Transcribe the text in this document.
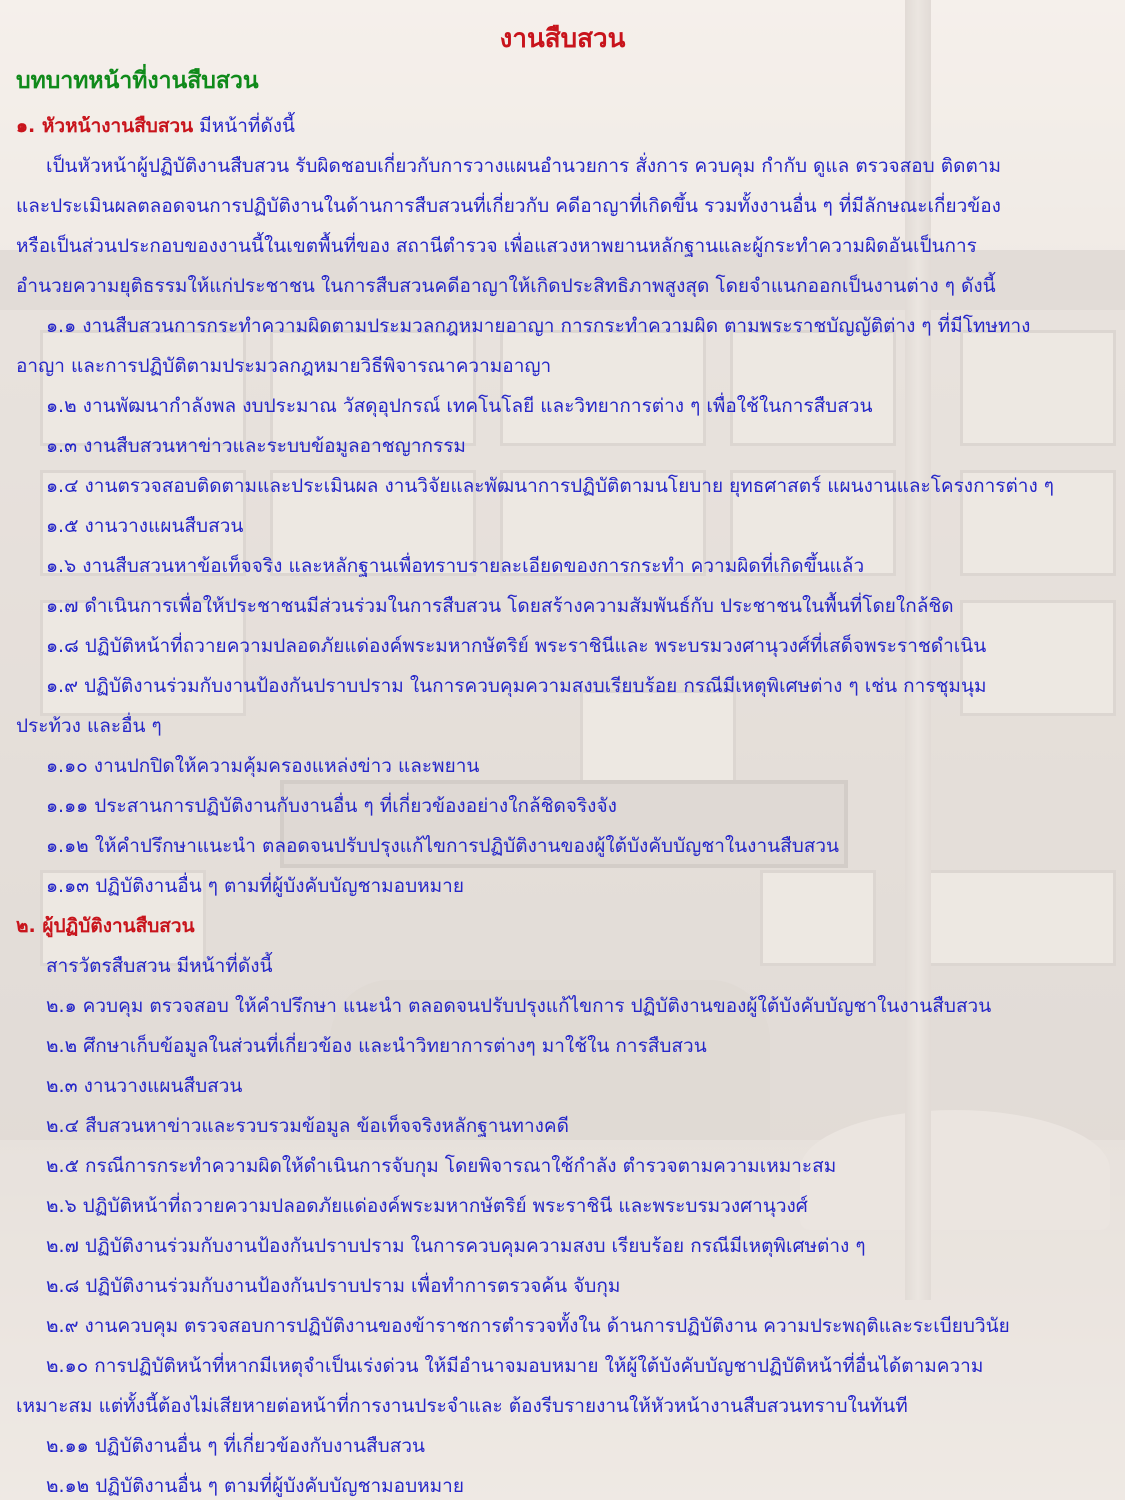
งานสืบสวน
บทบาทหน้าที่งานสืบสวน
๑. หัวหน้างานสืบสวน มีหน้าที่ดังนี้
เป็นหัวหน้าผู้ปฏิบัติงานสืบสวน รับผิดชอบเกี่ยวกับการวางแผนอำนวยการ สั่งการ ควบคุม กำกับ ดูแล ตรวจสอบ ติดตาม
และประเมินผลตลอดจนการปฏิบัติงานในด้านการสืบสวนที่เกี่ยวกับ คดีอาญาที่เกิดขึ้น รวมทั้งงานอื่น ๆ ที่มีลักษณะเกี่ยวข้อง
หรือเป็นส่วนประกอบของงานนี้ในเขตพื้นที่ของ สถานีตำรวจ เพื่อแสวงหาพยานหลักฐานและผู้กระทำความผิดอันเป็นการ
อำนวยความยุติธรรมให้แก่ประชาชน ในการสืบสวนคดีอาญาให้เกิดประสิทธิภาพสูงสุด โดยจำแนกออกเป็นงานต่าง ๆ ดังนี้
๑.๑ งานสืบสวนการกระทำความผิดตามประมวลกฎหมายอาญา การกระทำความผิด ตามพระราชบัญญัติต่าง ๆ ที่มีโทษทาง
อาญา และการปฏิบัติตามประมวลกฎหมายวิธีพิจารณาความอาญา
๑.๒ งานพัฒนากำลังพล งบประมาณ วัสดุอุปกรณ์ เทคโนโลยี และวิทยาการต่าง ๆ เพื่อใช้ในการสืบสวน
๑.๓ งานสืบสวนหาข่าวและระบบข้อมูลอาชญากรรม
๑.๔ งานตรวจสอบติดตามและประเมินผล งานวิจัยและพัฒนาการปฏิบัติตามนโยบาย ยุทธศาสตร์ แผนงานและโครงการต่าง ๆ
๑.๕ งานวางแผนสืบสวน
๑.๖ งานสืบสวนหาข้อเท็จจริง และหลักฐานเพื่อทราบรายละเอียดของการกระทำ ความผิดที่เกิดขึ้นแล้ว
๑.๗ ดำเนินการเพื่อให้ประชาชนมีส่วนร่วมในการสืบสวน โดยสร้างความสัมพันธ์กับ ประชาชนในพื้นที่โดยใกล้ชิด
๑.๘ ปฏิบัติหน้าที่ถวายความปลอดภัยแด่องค์พระมหากษัตริย์ พระราชินีและ พระบรมวงศานุวงศ์ที่เสด็จพระราชดำเนิน
๑.๙ ปฏิบัติงานร่วมกับงานป้องกันปราบปราม ในการควบคุมความสงบเรียบร้อย กรณีมีเหตุพิเศษต่าง ๆ เช่น การชุมนุม
ประท้วง และอื่น ๆ
๑.๑๐ งานปกปิดให้ความคุ้มครองแหล่งข่าว และพยาน
๑.๑๑ ประสานการปฏิบัติงานกับงานอื่น ๆ ที่เกี่ยวข้องอย่างใกล้ชิดจริงจัง
๑.๑๒ ให้คำปรึกษาแนะนำ ตลอดจนปรับปรุงแก้ไขการปฏิบัติงานของผู้ใต้บังคับบัญชาในงานสืบสวน
๑.๑๓ ปฏิบัติงานอื่น ๆ ตามที่ผู้บังคับบัญชามอบหมาย
๒. ผู้ปฏิบัติงานสืบสวน
สารวัตรสืบสวน มีหน้าที่ดังนี้
๒.๑ ควบคุม ตรวจสอบ ให้คำปรึกษา แนะนำ ตลอดจนปรับปรุงแก้ไขการ ปฏิบัติงานของผู้ใต้บังคับบัญชาในงานสืบสวน
๒.๒ ศึกษาเก็บข้อมูลในส่วนที่เกี่ยวข้อง และนำวิทยาการต่างๆ มาใช้ใน การสืบสวน
๒.๓ งานวางแผนสืบสวน
๒.๔ สืบสวนหาข่าวและรวบรวมข้อมูล ข้อเท็จจริงหลักฐานทางคดี
๒.๕ กรณีการกระทำความผิดให้ดำเนินการจับกุม โดยพิจารณาใช้กำลัง ตำรวจตามความเหมาะสม
๒.๖ ปฏิบัติหน้าที่ถวายความปลอดภัยแด่องค์พระมหากษัตริย์ พระราชินี และพระบรมวงศานุวงศ์
๒.๗ ปฏิบัติงานร่วมกับงานป้องกันปราบปราม ในการควบคุมความสงบ เรียบร้อย กรณีมีเหตุพิเศษต่าง ๆ
๒.๘ ปฏิบัติงานร่วมกับงานป้องกันปราบปราม เพื่อทำการตรวจค้น จับกุม
๒.๙ งานควบคุม ตรวจสอบการปฏิบัติงานของข้าราชการตำรวจทั้งใน ด้านการปฏิบัติงาน ความประพฤติและระเบียบวินัย
๒.๑๐ การปฏิบัติหน้าที่หากมีเหตุจำเป็นเร่งด่วน ให้มีอำนาจมอบหมาย ให้ผู้ใต้บังคับบัญชาปฏิบัติหน้าที่อื่นได้ตามความ
เหมาะสม แต่ทั้งนี้ต้องไม่เสียหายต่อหน้าที่การงานประจำและ ต้องรีบรายงานให้หัวหน้างานสืบสวนทราบในทันที
๒.๑๑ ปฏิบัติงานอื่น ๆ ที่เกี่ยวข้องกับงานสืบสวน
๒.๑๒ ปฏิบัติงานอื่น ๆ ตามที่ผู้บังคับบัญชามอบหมาย
